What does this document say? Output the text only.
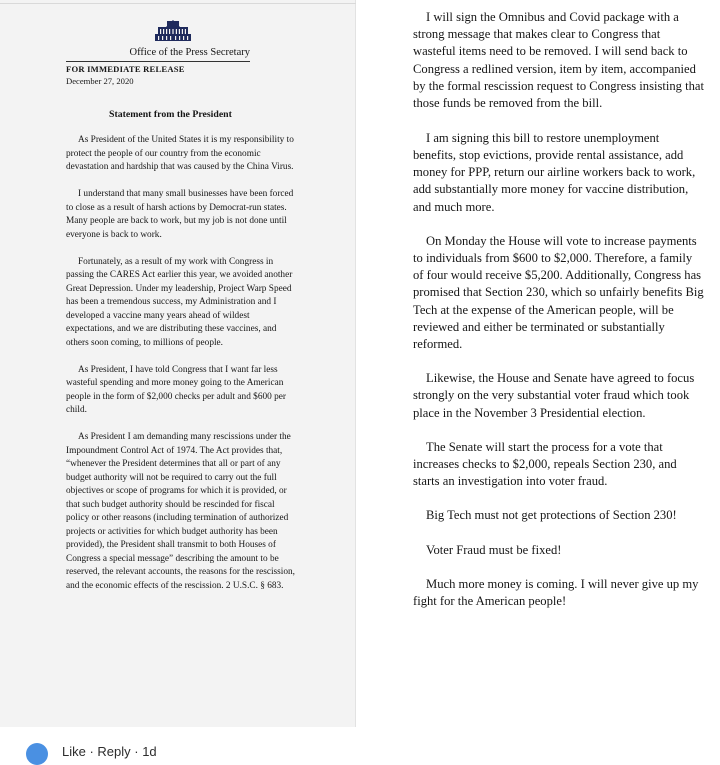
Office of the Press Secretary
FOR IMMEDIATE RELEASE
December 27, 2020
Statement from the President

As President of the United States it is my responsibility to protect the people of our country from the economic devastation and hardship that was caused by the China Virus.

I understand that many small businesses have been forced to close as a result of harsh actions by Democrat-run states. Many people are back to work, but my job is not done until everyone is back to work.

Fortunately, as a result of my work with Congress in passing the CARES Act earlier this year, we avoided another Great Depression. Under my leadership, Project Warp Speed has been a tremendous success, my Administration and I developed a vaccine many years ahead of wildest expectations, and we are distributing these vaccines, and others soon coming, to millions of people.

As President, I have told Congress that I want far less wasteful spending and more money going to the American people in the form of $2,000 checks per adult and $600 per child.

As President I am demanding many rescissions under the Impoundment Control Act of 1974. The Act provides that, “whenever the President determines that all or part of any budget authority will not be required to carry out the full objectives or scope of programs for which it is provided, or that such budget authority should be rescinded for fiscal policy or other reasons (including termination of authorized projects or activities for which budget authority has been provided), the President shall transmit to both Houses of Congress a special message” describing the amount to be reserved, the relevant accounts, the reasons for the rescission, and the economic effects of the rescission. 2 U.S.C. § 683.

I will sign the Omnibus and Covid package with a strong message that makes clear to Congress that wasteful items need to be removed. I will send back to Congress a redlined version, item by item, accompanied by the formal rescission request to Congress insisting that those funds be removed from the bill.

I am signing this bill to restore unemployment benefits, stop evictions, provide rental assistance, add money for PPP, return our airline workers back to work, add substantially more money for vaccine distribution, and much more.

On Monday the House will vote to increase payments to individuals from $600 to $2,000. Therefore, a family of four would receive $5,200. Additionally, Congress has promised that Section 230, which so unfairly benefits Big Tech at the expense of the American people, will be reviewed and either be terminated or substantially reformed.

Likewise, the House and Senate have agreed to focus strongly on the very substantial voter fraud which took place in the November 3 Presidential election.

The Senate will start the process for a vote that increases checks to $2,000, repeals Section 230, and starts an investigation into voter fraud.

Big Tech must not get protections of Section 230!

Voter Fraud must be fixed!

Much more money is coming. I will never give up my fight for the American people!

Like · Reply · 1d
